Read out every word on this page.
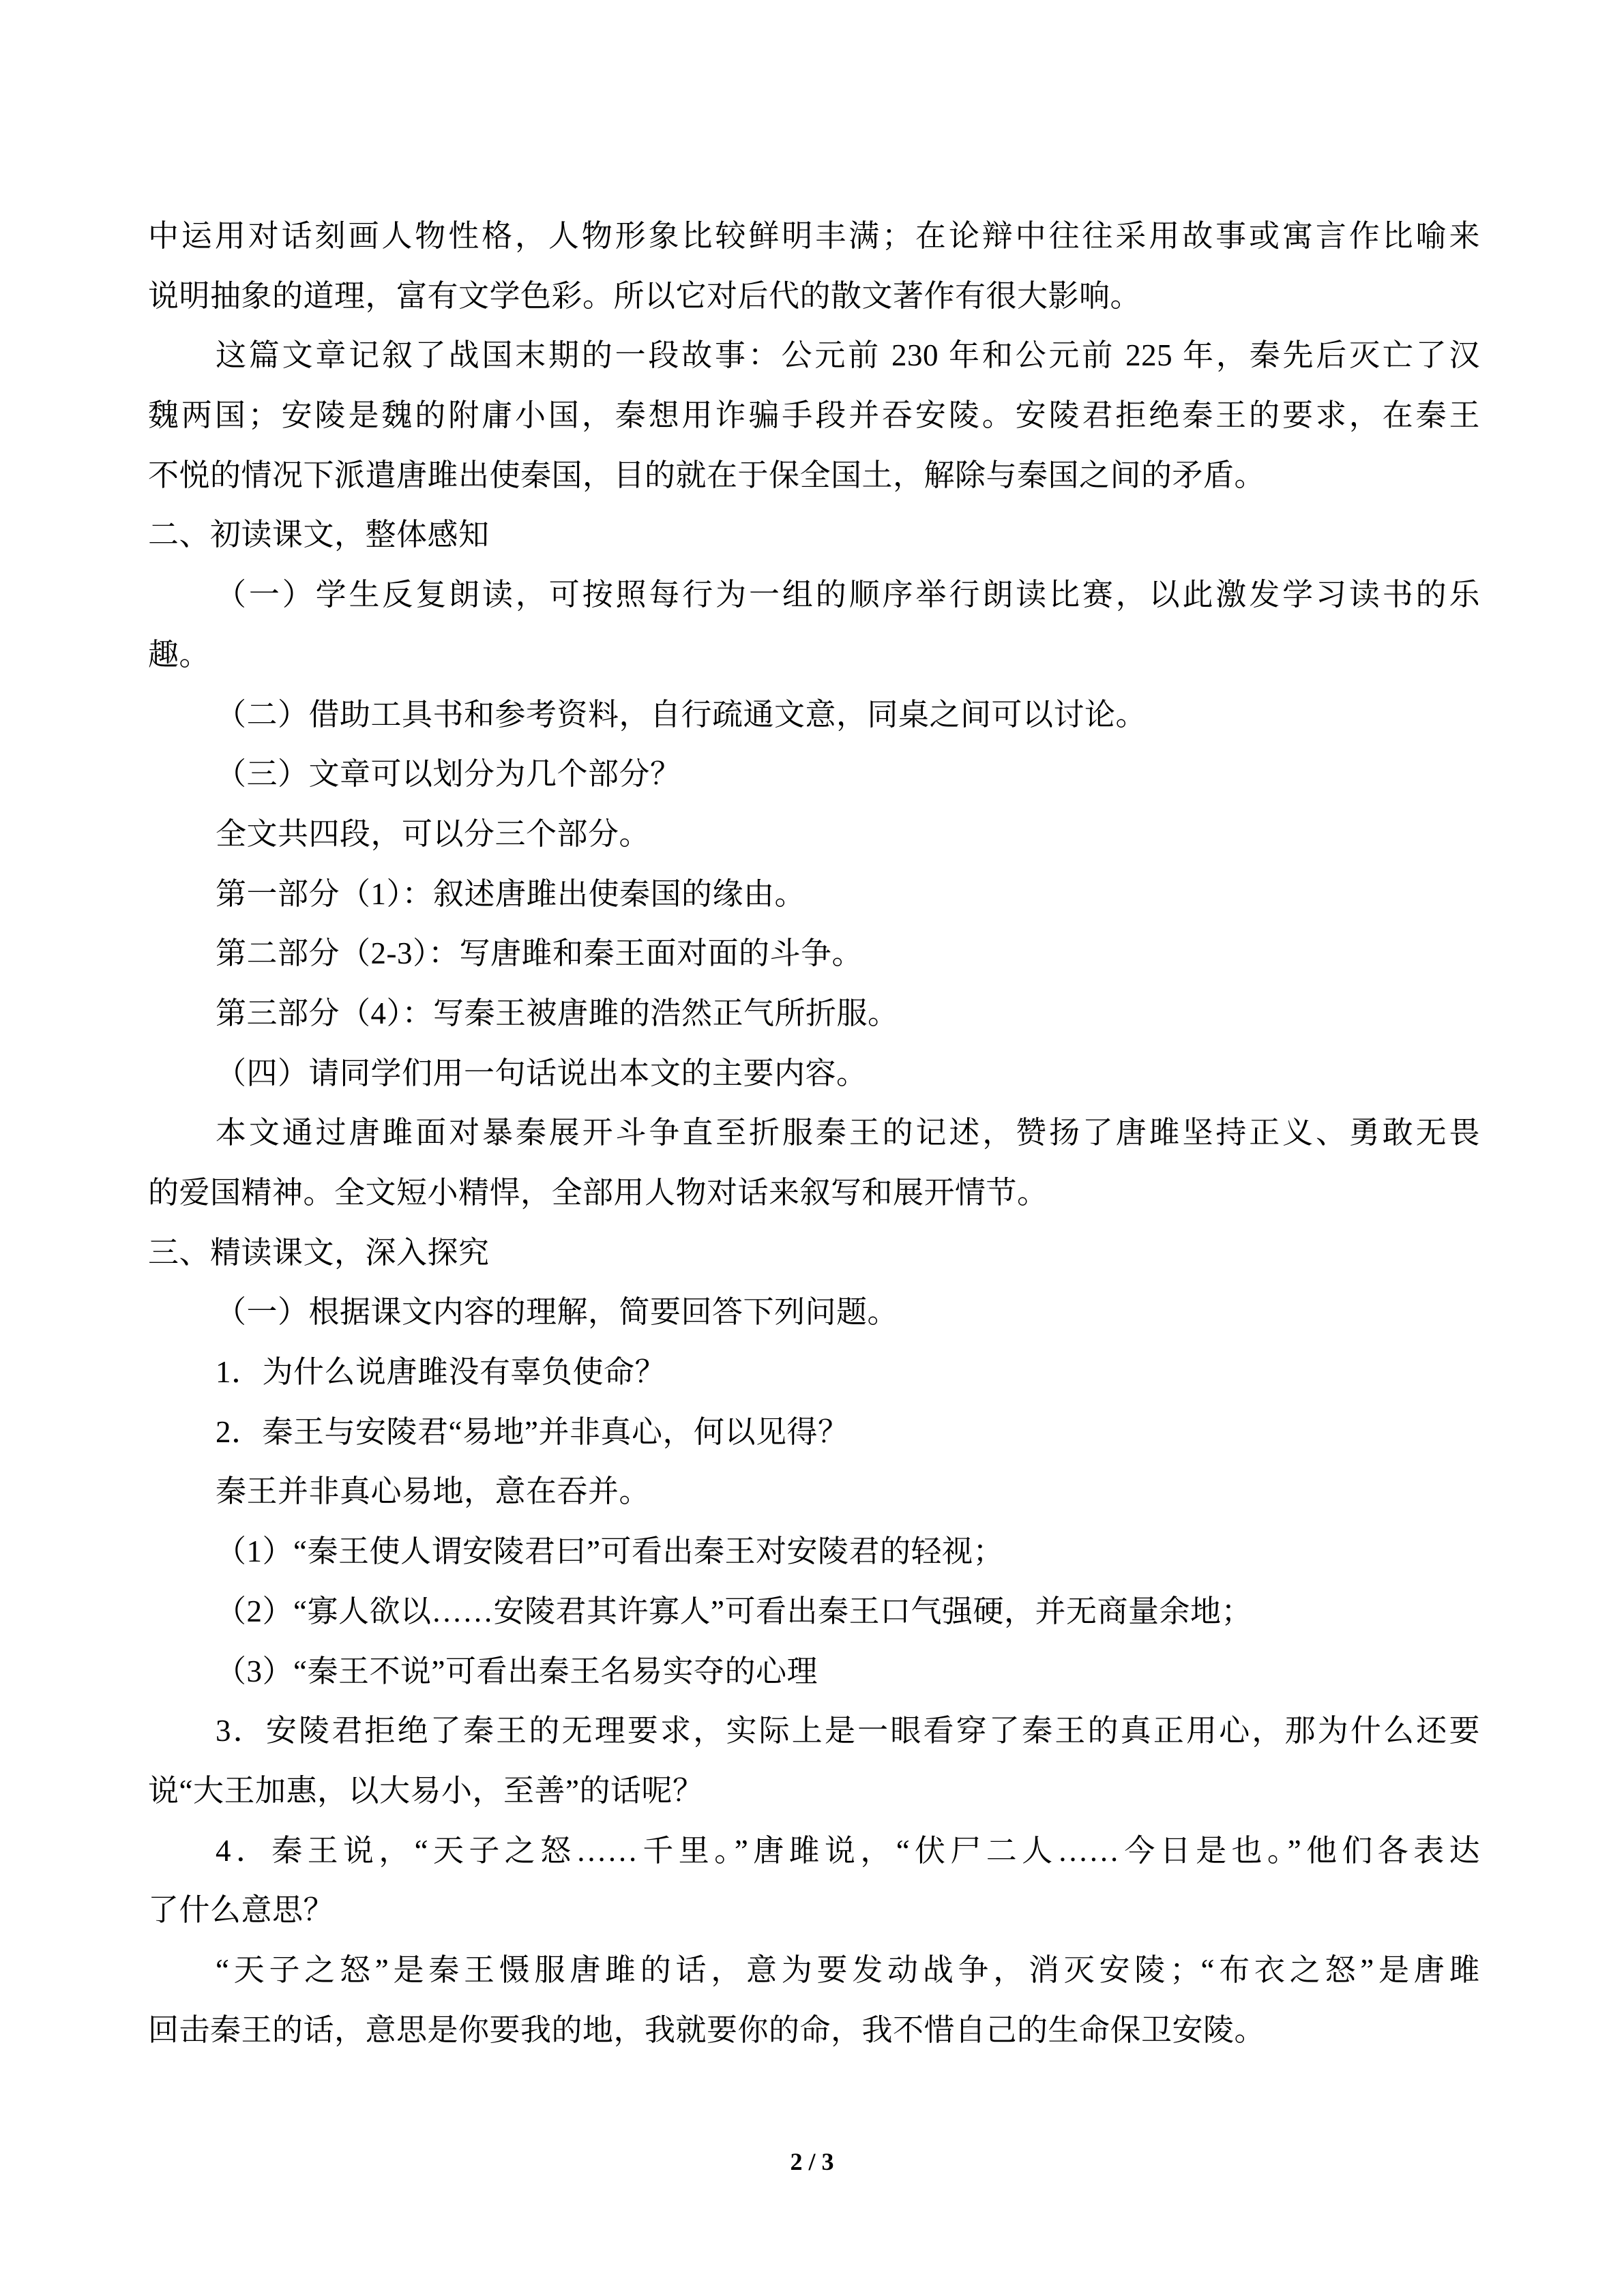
中运用对话刻画人物性格，人物形象比较鲜明丰满；在论辩中往往采用故事或寓言作比喻来
说明抽象的道理，富有文学色彩。所以它对后代的散文著作有很大影响。
这篇文章记叙了战国末期的一段故事：公元前 230 年和公元前 225 年，秦先后灭亡了汉
魏两国；安陵是魏的附庸小国，秦想用诈骗手段并吞安陵。安陵君拒绝秦王的要求，在秦王
不悦的情况下派遣唐雎出使秦国，目的就在于保全国土，解除与秦国之间的矛盾。
二、初读课文，整体感知
（一）学生反复朗读，可按照每行为一组的顺序举行朗读比赛，以此激发学习读书的乐
趣。
（二）借助工具书和参考资料，自行疏通文意，同桌之间可以讨论。
（三）文章可以划分为几个部分？
全文共四段，可以分三个部分。
第一部分（1）：叙述唐雎出使秦国的缘由。
第二部分（2-3）：写唐雎和秦王面对面的斗争。
第三部分（4）：写秦王被唐雎的浩然正气所折服。
（四）请同学们用一句话说出本文的主要内容。
本文通过唐雎面对暴秦展开斗争直至折服秦王的记述，赞扬了唐雎坚持正义、勇敢无畏
的爱国精神。全文短小精悍，全部用人物对话来叙写和展开情节。
三、精读课文，深入探究
（一）根据课文内容的理解，简要回答下列问题。
1．为什么说唐雎没有辜负使命？
2．秦王与安陵君“易地”并非真心，何以见得？
秦王并非真心易地，意在吞并。
（1）“秦王使人谓安陵君曰”可看出秦王对安陵君的轻视；
（2）“寡人欲以……安陵君其许寡人”可看出秦王口气强硬，并无商量余地；
（3）“秦王不说”可看出秦王名易实夺的心理
3．安陵君拒绝了秦王的无理要求，实际上是一眼看穿了秦王的真正用心，那为什么还要
说“大王加惠，以大易小，至善”的话呢？
4．秦王说，“天子之怒……千里。”唐雎说，“伏尸二人……今日是也。”他们各表达
了什么意思？
“天子之怒”是秦王慑服唐雎的话，意为要发动战争，消灭安陵；“布衣之怒”是唐雎
回击秦王的话，意思是你要我的地，我就要你的命，我不惜自己的生命保卫安陵。
2 / 3
